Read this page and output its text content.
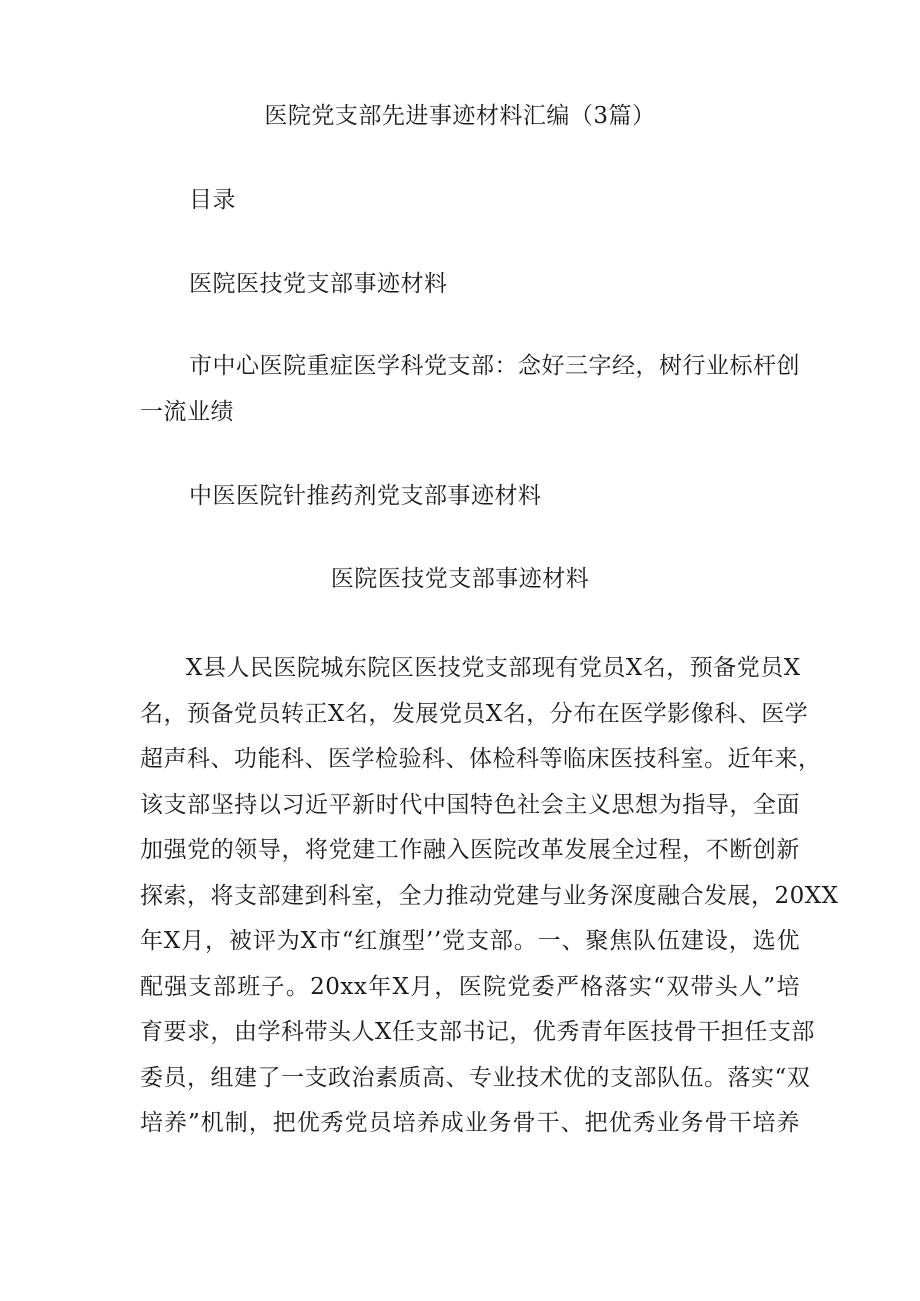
医院党支部先进事迹材料汇编（3篇）
目录
医院医技党支部事迹材料
市中心医院重症医学科党支部：念好三字经，树行业标杆创
一流业绩
中医医院针推药剂党支部事迹材料
医院医技党支部事迹材料
X县人民医院城东院区医技党支部现有党员X名，预备党员X
名，预备党员转正X名，发展党员X名，分布在医学影像科、医学
超声科、功能科、医学检验科、体检科等临床医技科室。近年来，
该支部坚持以习近平新时代中国特色社会主义思想为指导，全面
加强党的领导，将党建工作融入医院改革发展全过程，不断创新
探索，将支部建到科室，全力推动党建与业务深度融合发展，20XX
年X月，被评为X市“红旗型’’党支部。一、聚焦队伍建设，选优
配强支部班子。20xx年X月，医院党委严格落实“双带头人”培
育要求，由学科带头人X任支部书记，优秀青年医技骨干担任支部
委员，组建了一支政治素质高、专业技术优的支部队伍。落实“双
培养”机制，把优秀党员培养成业务骨干、把优秀业务骨干培养
